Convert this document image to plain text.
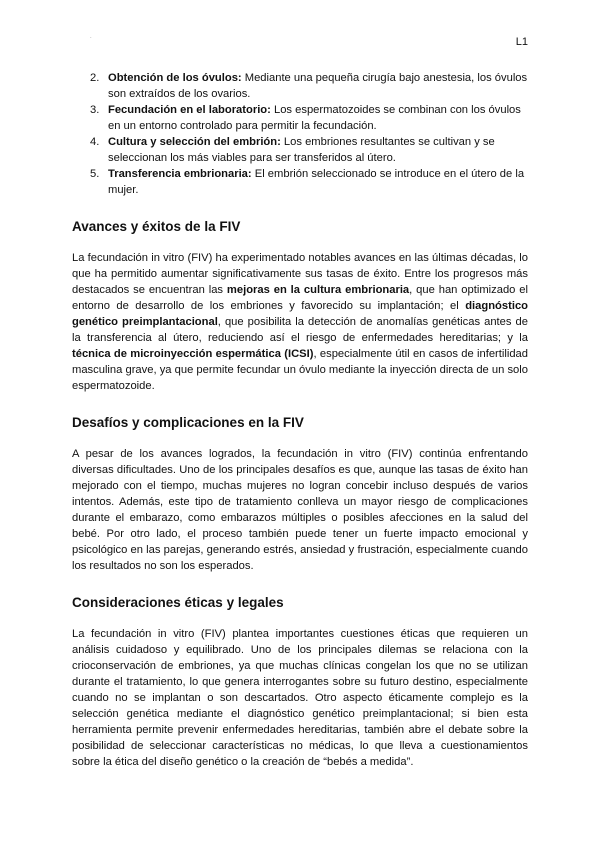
.	L1
2. Obtención de los óvulos: Mediante una pequeña cirugía bajo anestesia, los óvulos son extraídos de los ovarios.
3. Fecundación en el laboratorio: Los espermatozoides se combinan con los óvulos en un entorno controlado para permitir la fecundación.
4. Cultura y selección del embrión: Los embriones resultantes se cultivan y se seleccionan los más viables para ser transferidos al útero.
5. Transferencia embrionaria: El embrión seleccionado se introduce en el útero de la mujer.
Avances y éxitos de la FIV

La fecundación in vitro (FIV) ha experimentado notables avances en las últimas décadas, lo que ha permitido aumentar significativamente sus tasas de éxito. Entre los progresos más destacados se encuentran las mejoras en la cultura embrionaria, que han optimizado el entorno de desarrollo de los embriones y favorecido su implantación; el diagnóstico genético preimplantacional, que posibilita la detección de anomalías genéticas antes de la transferencia al útero, reduciendo así el riesgo de enfermedades hereditarias; y la técnica de microinyección espermática (ICSI), especialmente útil en casos de infertilidad masculina grave, ya que permite fecundar un óvulo mediante la inyección directa de un solo espermatozoide.

Desafíos y complicaciones en la FIV

A pesar de los avances logrados, la fecundación in vitro (FIV) continúa enfrentando diversas dificultades. Uno de los principales desafíos es que, aunque las tasas de éxito han mejorado con el tiempo, muchas mujeres no logran concebir incluso después de varios intentos. Además, este tipo de tratamiento conlleva un mayor riesgo de complicaciones durante el embarazo, como embarazos múltiples o posibles afecciones en la salud del bebé. Por otro lado, el proceso también puede tener un fuerte impacto emocional y psicológico en las parejas, generando estrés, ansiedad y frustración, especialmente cuando los resultados no son los esperados.

Consideraciones éticas y legales

La fecundación in vitro (FIV) plantea importantes cuestiones éticas que requieren un análisis cuidadoso y equilibrado. Uno de los principales dilemas se relaciona con la crioconservación de embriones, ya que muchas clínicas congelan los que no se utilizan durante el tratamiento, lo que genera interrogantes sobre su futuro destino, especialmente cuando no se implantan o son descartados. Otro aspecto éticamente complejo es la selección genética mediante el diagnóstico genético preimplantacional; si bien esta herramienta permite prevenir enfermedades hereditarias, también abre el debate sobre la posibilidad de seleccionar características no médicas, lo que lleva a cuestionamientos sobre la ética del diseño genético o la creación de “bebés a medida”.
